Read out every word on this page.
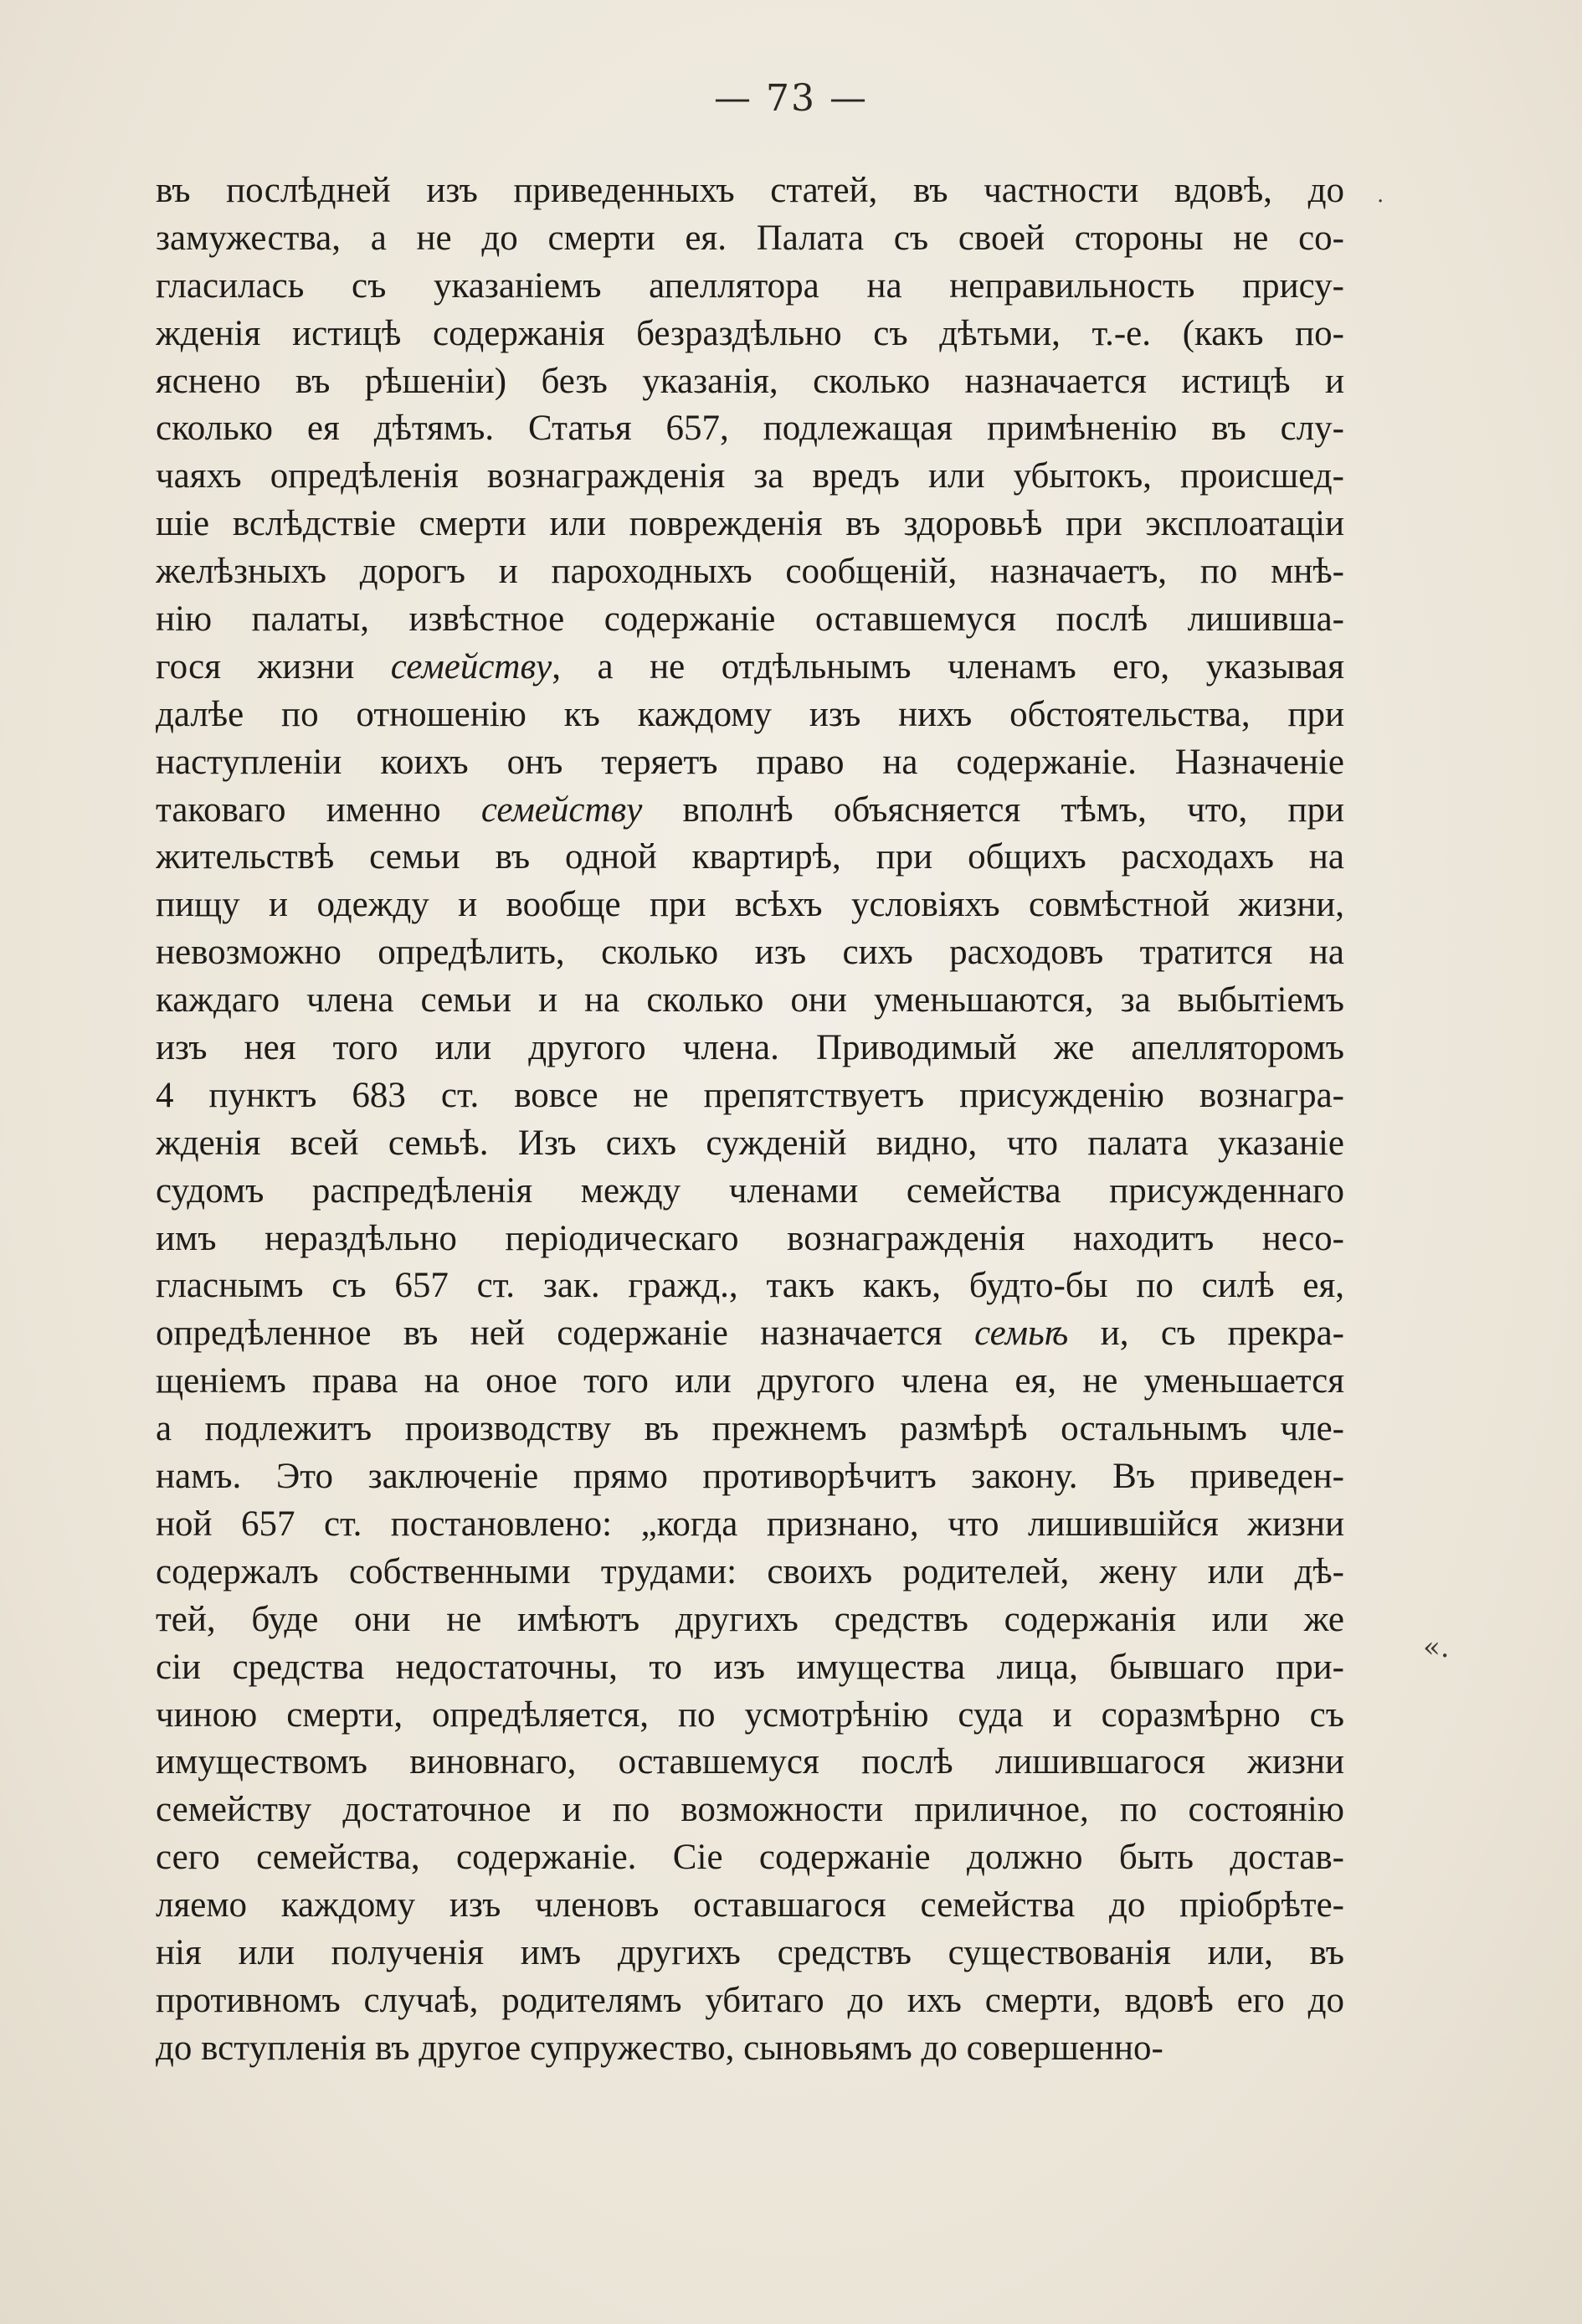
— 73 —
въ послѣдней изъ приведенныхъ статей, въ частности вдовѣ, до
замужества, а не до смерти ея. Палата съ своей стороны не со-
гласилась съ указаніемъ апеллятора на неправильность прису-
жденія истицѣ содержанія безраздѣльно съ дѣтьми, т.-е. (какъ по-
яснено въ рѣшеніи) безъ указанія, сколько назначается истицѣ и
сколько ея дѣтямъ. Статья 657, подлежащая примѣненію въ слу-
чаяхъ опредѣленія вознагражденія за вредъ или убытокъ, происшед-
шіе вслѣдствіе смерти или поврежденія въ здоровьѣ при эксплоатаціи
желѣзныхъ дорогъ и пароходныхъ сообщеній, назначаетъ, по мнѣ-
нію палаты, извѣстное содержаніе оставшемуся послѣ лишивша-
гося жизни семейству, а не отдѣльнымъ членамъ его, указывая
далѣе по отношенію къ каждому изъ нихъ обстоятельства, при
наступленіи коихъ онъ теряетъ право на содержаніе. Назначеніе
таковаго именно семейству вполнѣ объясняется тѣмъ, что, при
жительствѣ семьи въ одной квартирѣ, при общихъ расходахъ на
пищу и одежду и вообще при всѣхъ условіяхъ совмѣстной жизни,
невозможно опредѣлить, сколько изъ сихъ расходовъ тратится на
каждаго члена семьи и на сколько они уменьшаются, за выбытіемъ
изъ нея того или другого члена. Приводимый же апелляторомъ
4 пунктъ 683 ст. вовсе не препятствуетъ присужденію вознагра-
жденія всей семьѣ. Изъ сихъ сужденій видно, что палата указаніе
судомъ распредѣленія между членами семейства присужденнаго
имъ нераздѣльно періодическаго вознагражденія находитъ несо-
гласнымъ съ 657 ст. зак. гражд., такъ какъ, будто-бы по силѣ ея,
опредѣленное въ ней содержаніе назначается семьѣ и, съ прекра-
щеніемъ права на оное того или другого члена ея, не уменьшается
а подлежитъ производству въ прежнемъ размѣрѣ остальнымъ чле-
намъ. Это заключеніе прямо противорѣчитъ закону. Въ приведен-
ной 657 ст. постановлено: „когда признано, что лишившійся жизни
содержалъ собственными трудами: своихъ родителей, жену или дѣ-
тей, буде они не имѣютъ другихъ средствъ содержанія или же
сіи средства недостаточны, то изъ имущества лица, бывшаго при-
чиною смерти, опредѣляется, по усмотрѣнію суда и соразмѣрно съ
имуществомъ виновнаго, оставшемуся послѣ лишившагося жизни
семейству достаточное и по возможности приличное, по состоянію
сего семейства, содержаніе. Сіе содержаніе должно быть достав-
ляемо каждому изъ членовъ оставшагося семейства до пріобрѣте-
нія или полученія имъ другихъ средствъ существованія или, въ
противномъ случаѣ, родителямъ убитаго до ихъ смерти, вдовѣ его до
до вступленія въ другое супружество, сыновьямъ до совершенно-
.
«.
